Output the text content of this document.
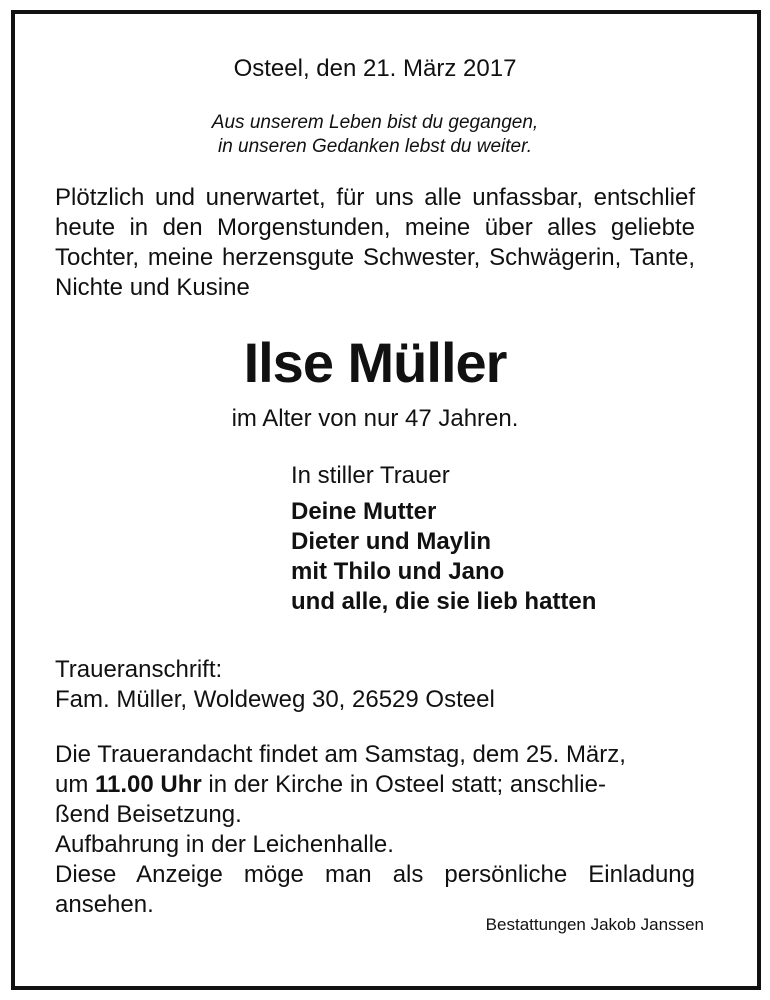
Osteel, den 21. März 2017
Aus unserem Leben bist du gegangen,
in unseren Gedanken lebst du weiter.
Plötzlich und unerwartet, für uns alle unfassbar, entschlief heute in den Morgenstunden, meine über alles geliebte Tochter, meine herzensgute Schwester, Schwägerin, Tante, Nichte und Kusine
Ilse Müller
im Alter von nur 47 Jahren.
In stiller Trauer
Deine Mutter
Dieter und Maylin
mit Thilo und Jano
und alle, die sie lieb hatten
Traueranschrift:
Fam. Müller, Woldeweg 30, 26529 Osteel
Die Trauerandacht findet am Samstag, dem 25. März,
um 11.00 Uhr in der Kirche in Osteel statt; anschlie-
ßend Beisetzung.
Aufbahrung in der Leichenhalle.
Diese Anzeige möge man als persönliche Einladung ansehen.
Bestattungen Jakob Janssen
